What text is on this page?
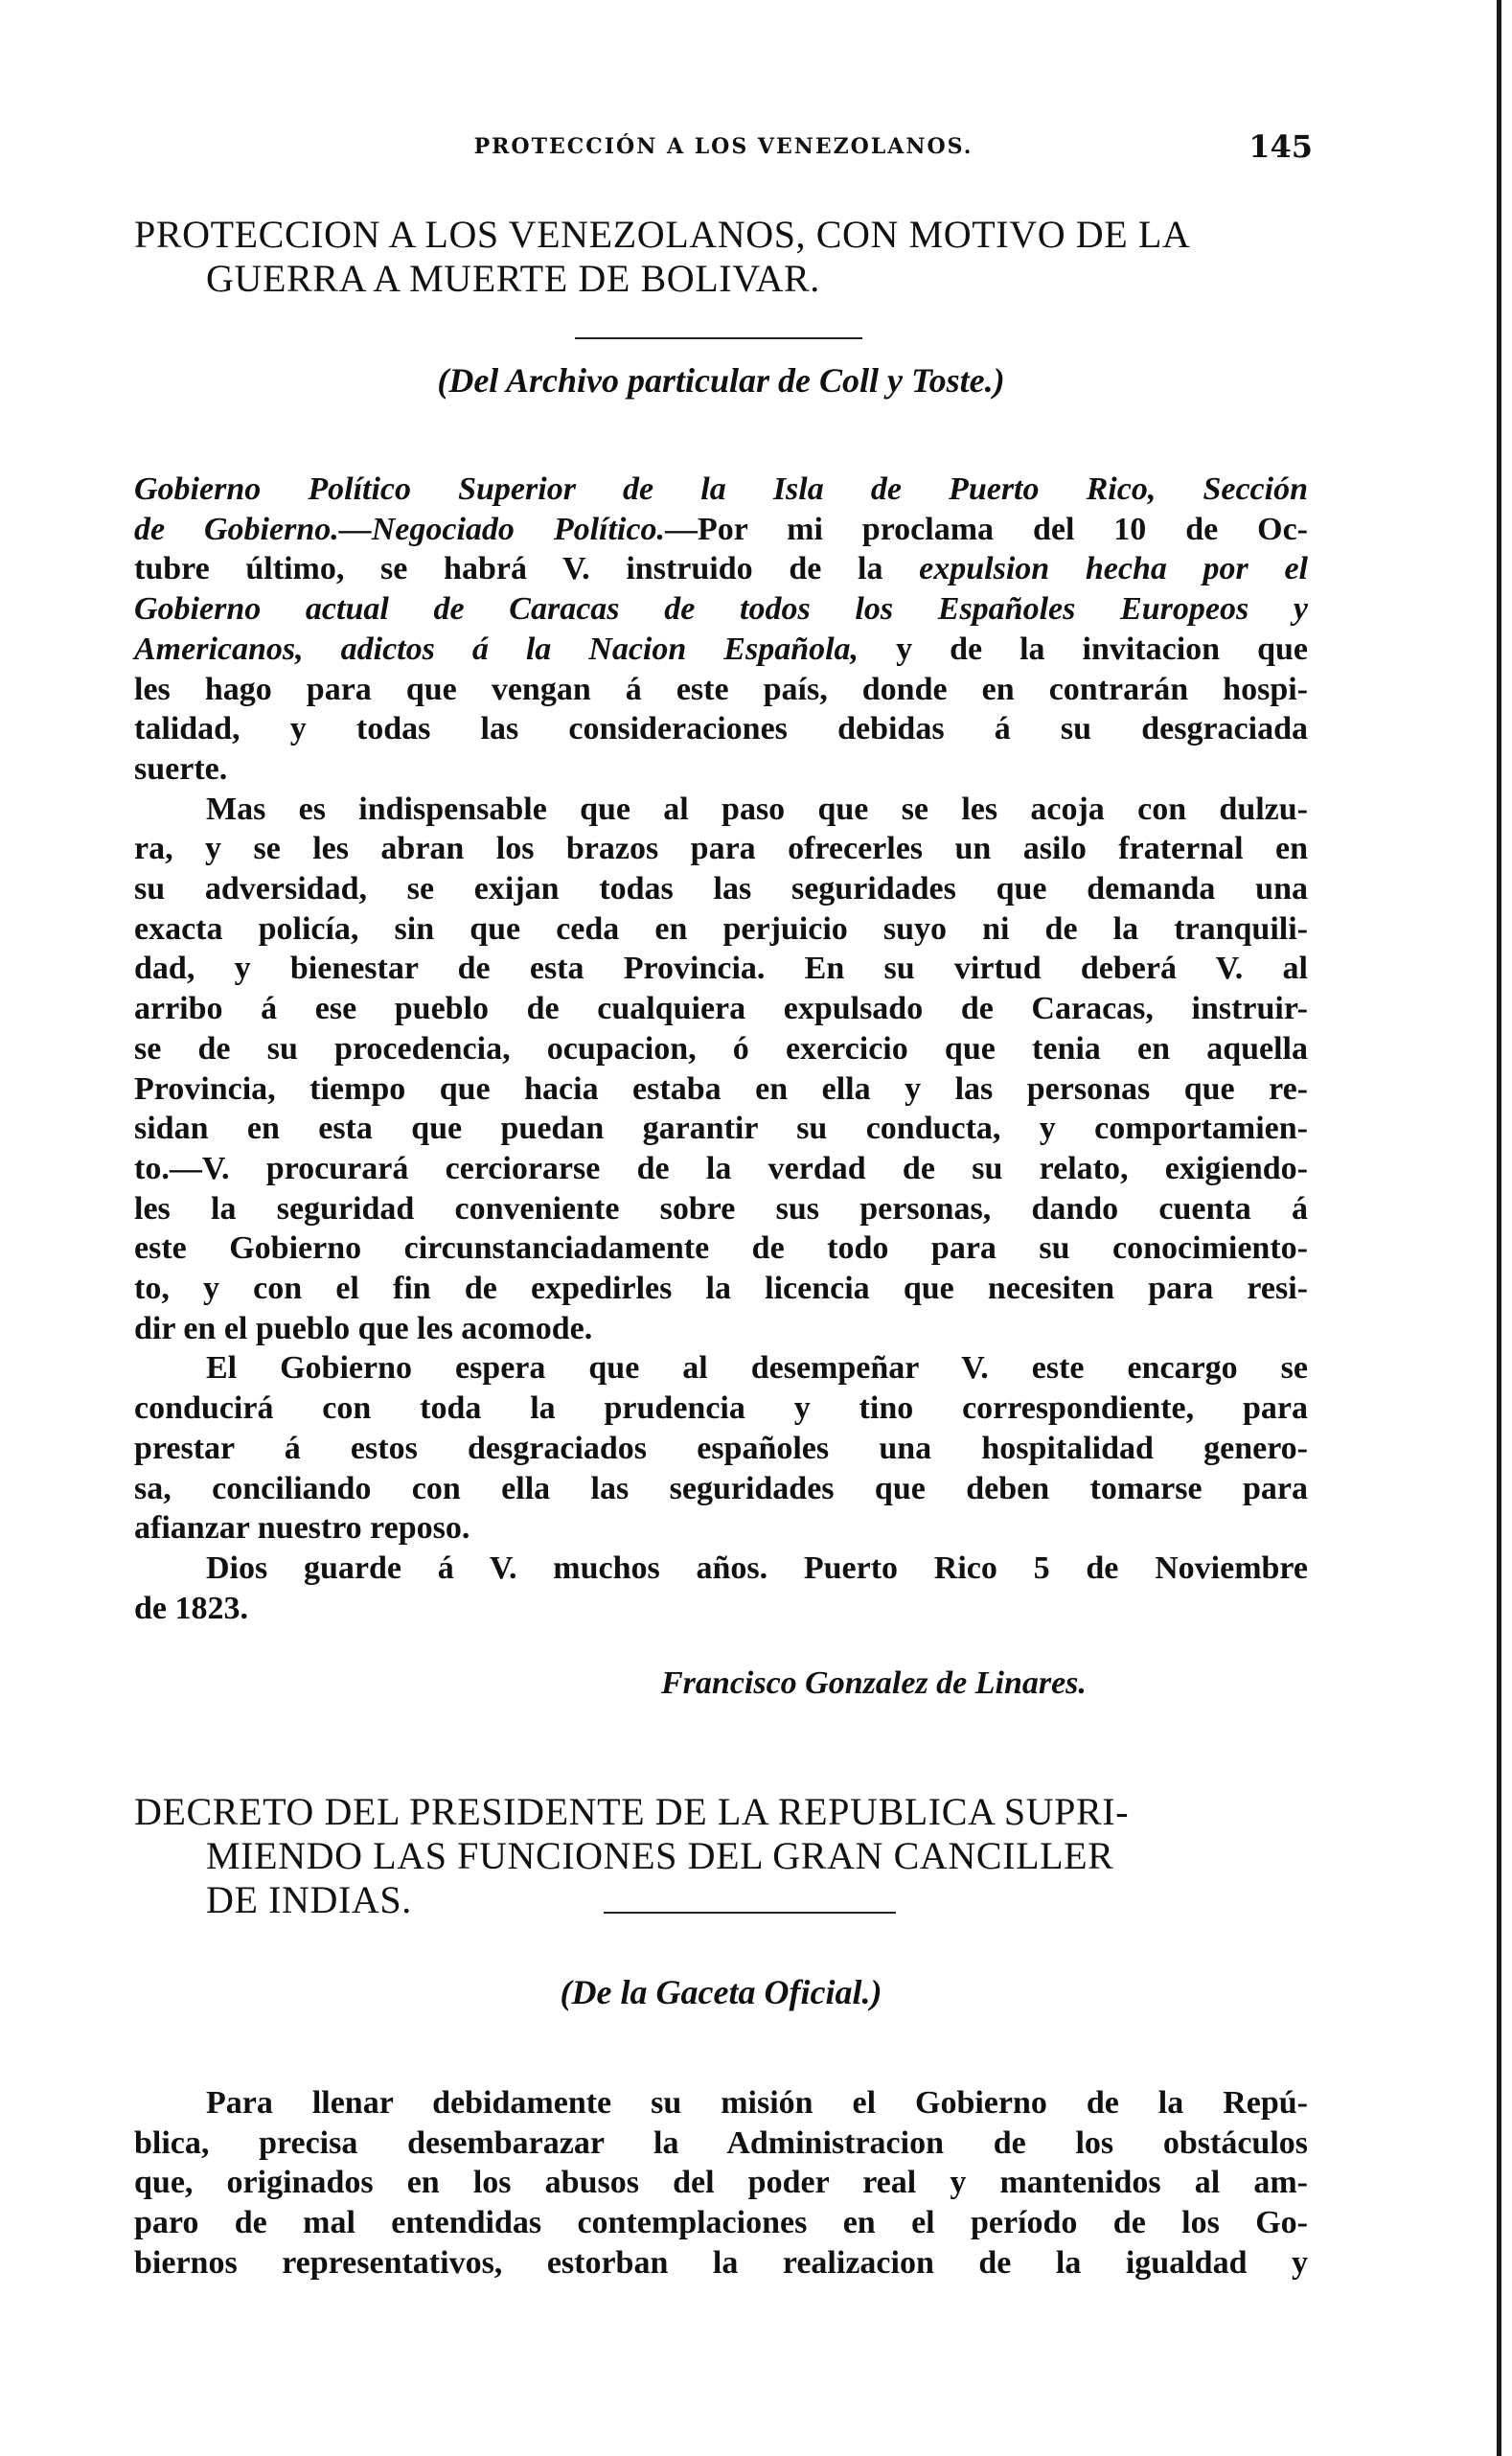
PROTECCIÓN A LOS VENEZOLANOS.	145
PROTECCION A LOS VENEZOLANOS, CON MOTIVO DE LA
GUERRA A MUERTE DE BOLIVAR.
(Del Archivo particular de Coll y Toste.)
Gobierno Político Superior de la Isla de Puerto Rico, Sección
de Gobierno.—Negociado Político.—Por mi proclama del 10 de Oc-
tubre último, se habrá V. instruido de la expulsion hecha por el
Gobierno actual de Caracas de todos los Españoles Europeos y
Americanos, adictos á la Nacion Española, y de la invitacion que
les hago para que vengan á este país, donde en contrarán hospi-
talidad, y todas las consideraciones debidas á su desgraciada
suerte.
Mas es indispensable que al paso que se les acoja con dulzu-
ra, y se les abran los brazos para ofrecerles un asilo fraternal en
su adversidad, se exijan todas las seguridades que demanda una
exacta policía, sin que ceda en perjuicio suyo ni de la tranquili-
dad, y bienestar de esta Provincia. En su virtud deberá V. al
arribo á ese pueblo de cualquiera expulsado de Caracas, instruir-
se de su procedencia, ocupacion, ó exercicio que tenia en aquella
Provincia, tiempo que hacia estaba en ella y las personas que re-
sidan en esta que puedan garantir su conducta, y comportamien-
to.—V. procurará cerciorarse de la verdad de su relato, exigiendo-
les la seguridad conveniente sobre sus personas, dando cuenta á
este Gobierno circunstanciadamente de todo para su conocimiento-
to, y con el fin de expedirles la licencia que necesiten para resi-
dir en el pueblo que les acomode.
El Gobierno espera que al desempeñar V. este encargo se
conducirá con toda la prudencia y tino correspondiente, para
prestar á estos desgraciados españoles una hospitalidad genero-
sa, conciliando con ella las seguridades que deben tomarse para
afianzar nuestro reposo.
Dios guarde á V. muchos años. Puerto Rico 5 de Noviembre
de 1823.
Francisco Gonzalez de Linares.
DECRETO DEL PRESIDENTE DE LA REPUBLICA SUPRI-
MIENDO LAS FUNCIONES DEL GRAN CANCILLER
DE INDIAS.
(De la Gaceta Oficial.)
Para llenar debidamente su misión el Gobierno de la Repú-
blica, precisa desembarazar la Administracion de los obstáculos
que, originados en los abusos del poder real y mantenidos al am-
paro de mal entendidas contemplaciones en el período de los Go-
biernos representativos, estorban la realizacion de la igualdad y
